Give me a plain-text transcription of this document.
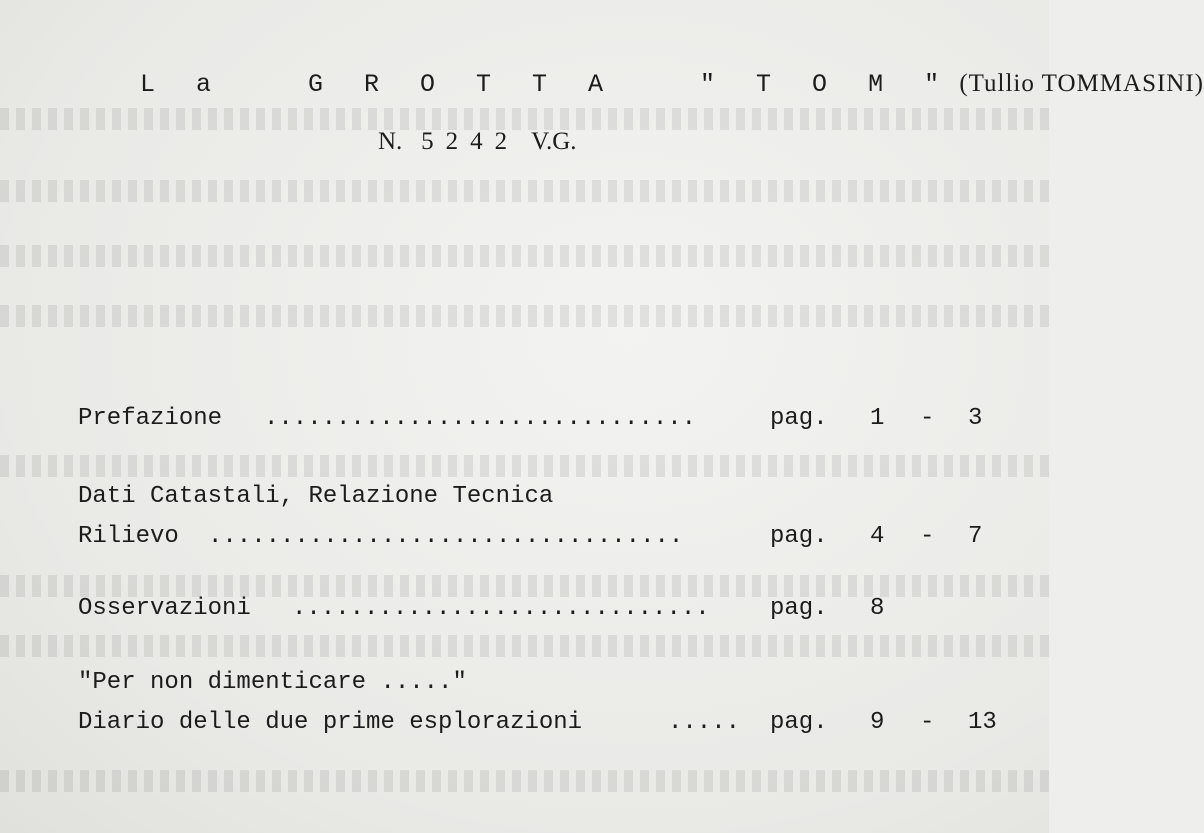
L a   G R O T T A   " T O M " (Tullio TOMMASINI)
N. 5242 V.G.
Prefazione ..............................	pag. 1 - 3
Dati Catastali, Relazione Tecnica
Rilievo .................................	pag. 4 - 7
Osservazioni .............................	pag. 8
"Per non dimenticare ....."
Diario delle due prime esplorazioni	..... pag. 9 - 13
